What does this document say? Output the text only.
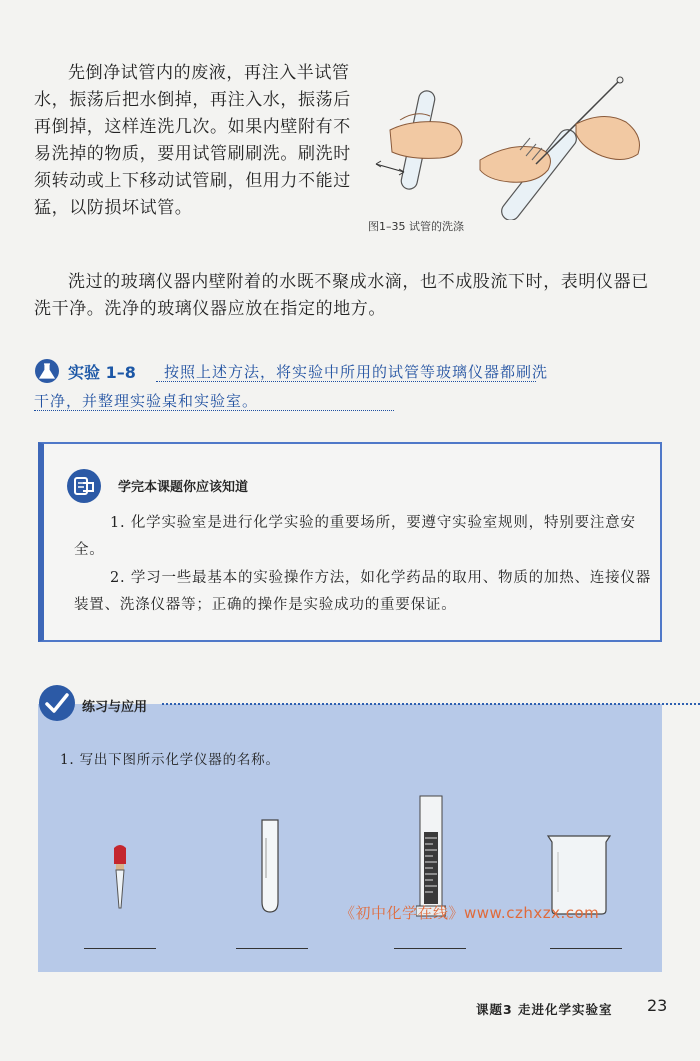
先倒净试管内的废液，再注入半试管水，振荡后把水倒掉，再注入水，振荡后再倒掉，这样连洗几次。如果内壁附有不易洗掉的物质，要用试管刷刷洗。刷洗时须转动或上下移动试管刷，但用力不能过猛，以防损坏试管。

图1–35 试管的洗涤

洗过的玻璃仪器内壁附着的水既不聚成水滴，也不成股流下时，表明仪器已洗干净。洗净的玻璃仪器应放在指定的地方。

按照上述方法，将实验中所用的试管等玻璃仪器都刷洗干净，并整理实验桌和实验室。

实验 1–8
学完本课题你应该知道

1. 化学实验室是进行化学实验的重要场所，要遵守实验室规则，特别要注意安全。

2. 学习一些最基本的实验操作方法，如化学药品的取用、物质的加热、连接仪器装置、洗涤仪器等；正确的操作是实验成功的重要保证。

1. 写出下图所示化学仪器的名称。

练习与应用
《初中化学在线》www.czhxzx.com
课题3 走进化学实验室 23
